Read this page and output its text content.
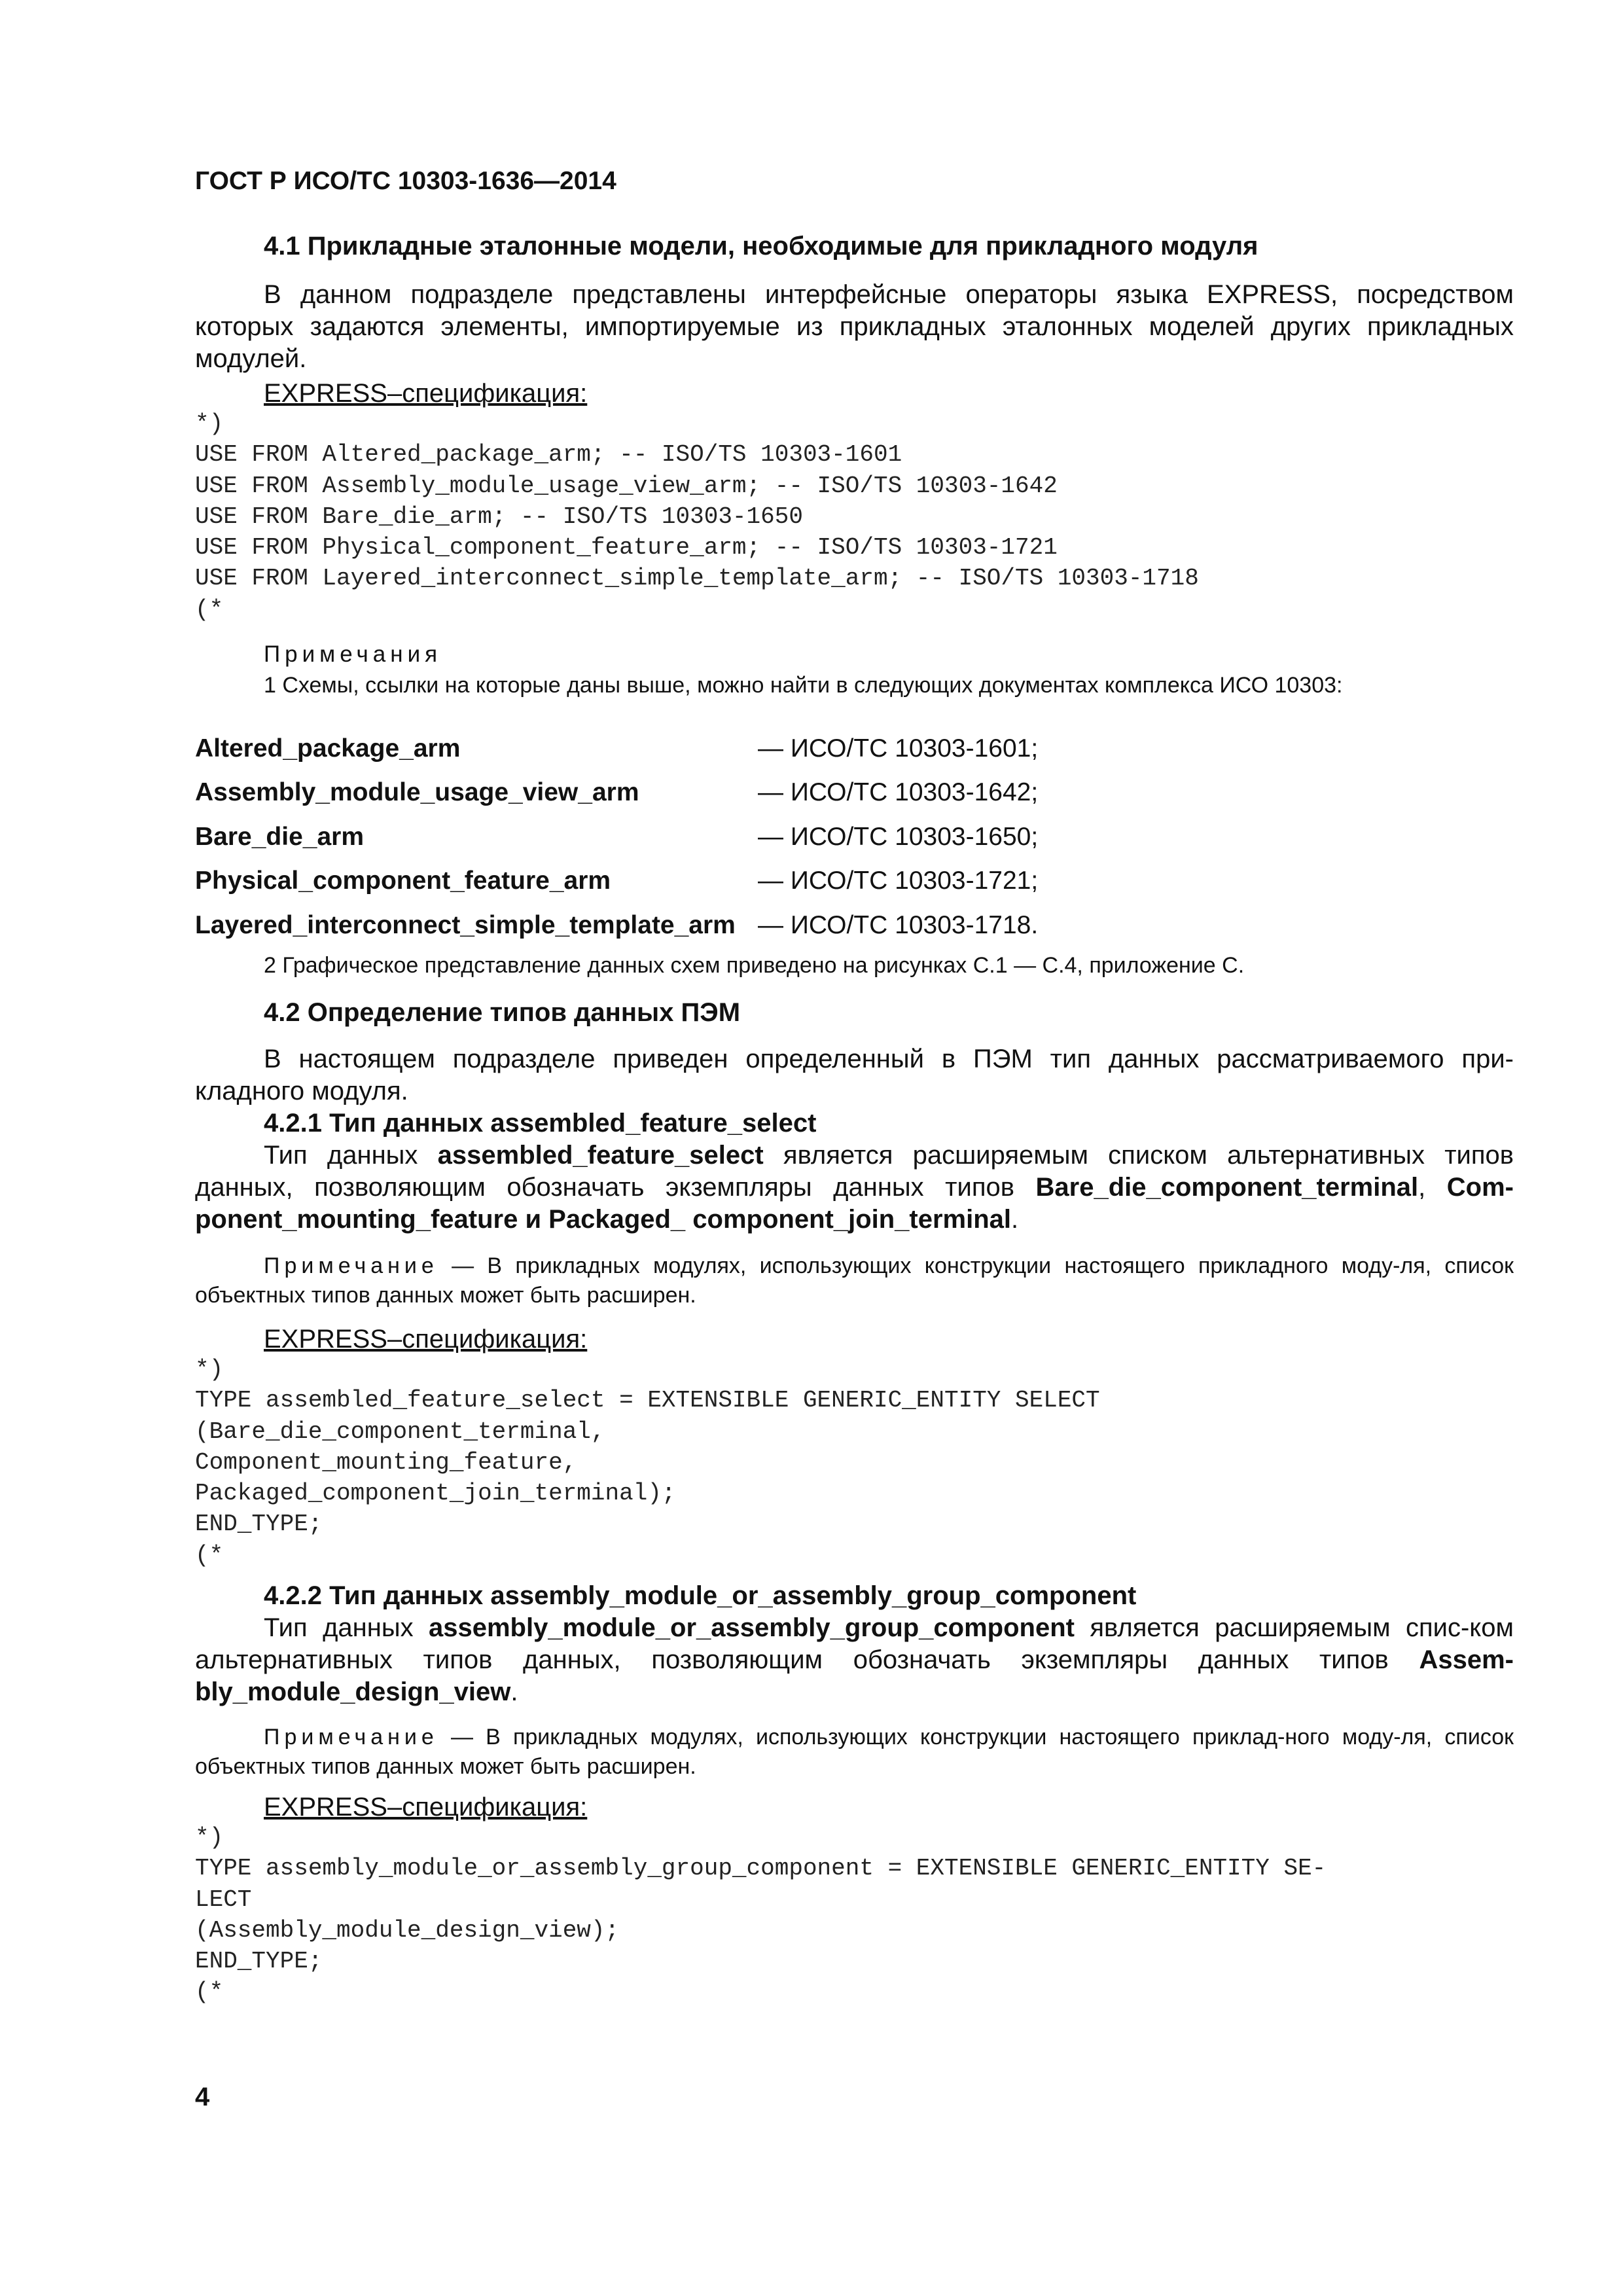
ГОСТ Р ИСО/ТС 10303-1636—2014
4.1 Прикладные эталонные модели, необходимые для прикладного модуля
В данном подразделе представлены интерфейсные операторы языка EXPRESS, посредством которых задаются элементы, импортируемые из прикладных эталонных моделей других прикладных модулей.
EXPRESS–спецификация:
*)
USE FROM Altered_package_arm; -- ISO/TS 10303-1601
USE FROM Assembly_module_usage_view_arm; -- ISO/TS 10303-1642
USE FROM Bare_die_arm; -- ISO/TS 10303-1650
USE FROM Physical_component_feature_arm; -- ISO/TS 10303-1721
USE FROM Layered_interconnect_simple_template_arm; -- ISO/TS 10303-1718
(*
Примечания
1 Схемы, ссылки на которые даны выше, можно найти в следующих документах комплекса ИСО 10303:
Altered_package_arm	— ИСО/ТС 10303-1601;
Assembly_module_usage_view_arm	— ИСО/ТС 10303-1642;
Bare_die_arm	— ИСО/ТС 10303-1650;
Physical_component_feature_arm	— ИСО/ТС 10303-1721;
Layered_interconnect_simple_template_arm	— ИСО/ТС 10303-1718.
2 Графическое представление данных схем приведено на рисунках С.1 — С.4, приложение С.
4.2 Определение типов данных ПЭМ
В настоящем подразделе приведен определенный в ПЭМ тип данных рассматриваемого при-кладного модуля.
4.2.1 Тип данных assembled_feature_select
Тип данных assembled_feature_select является расширяемым списком альтернативных типов данных, позволяющим обозначать экземпляры данных типов Bare_die_component_terminal, Com-ponent_mounting_feature и Packaged_ component_join_terminal.
Примечание — В прикладных модулях, использующих конструкции настоящего прикладного моду-ля, список объектных типов данных может быть расширен.
EXPRESS–спецификация:
*)
TYPE assembled_feature_select = EXTENSIBLE GENERIC_ENTITY SELECT
(Bare_die_component_terminal,
Component_mounting_feature,
Packaged_component_join_terminal);
END_TYPE;
(*
4.2.2 Тип данных assembly_module_or_assembly_group_component
Тип данных assembly_module_or_assembly_group_component является расширяемым спис-ком альтернативных типов данных, позволяющим обозначать экземпляры данных типов Assem-bly_module_design_view.
Примечание — В прикладных модулях, использующих конструкции настоящего приклад-ного моду-ля, список объектных типов данных может быть расширен.
EXPRESS–спецификация:
*)
TYPE assembly_module_or_assembly_group_component = EXTENSIBLE GENERIC_ENTITY SE-
LECT
(Assembly_module_design_view);
END_TYPE;
(*
4
